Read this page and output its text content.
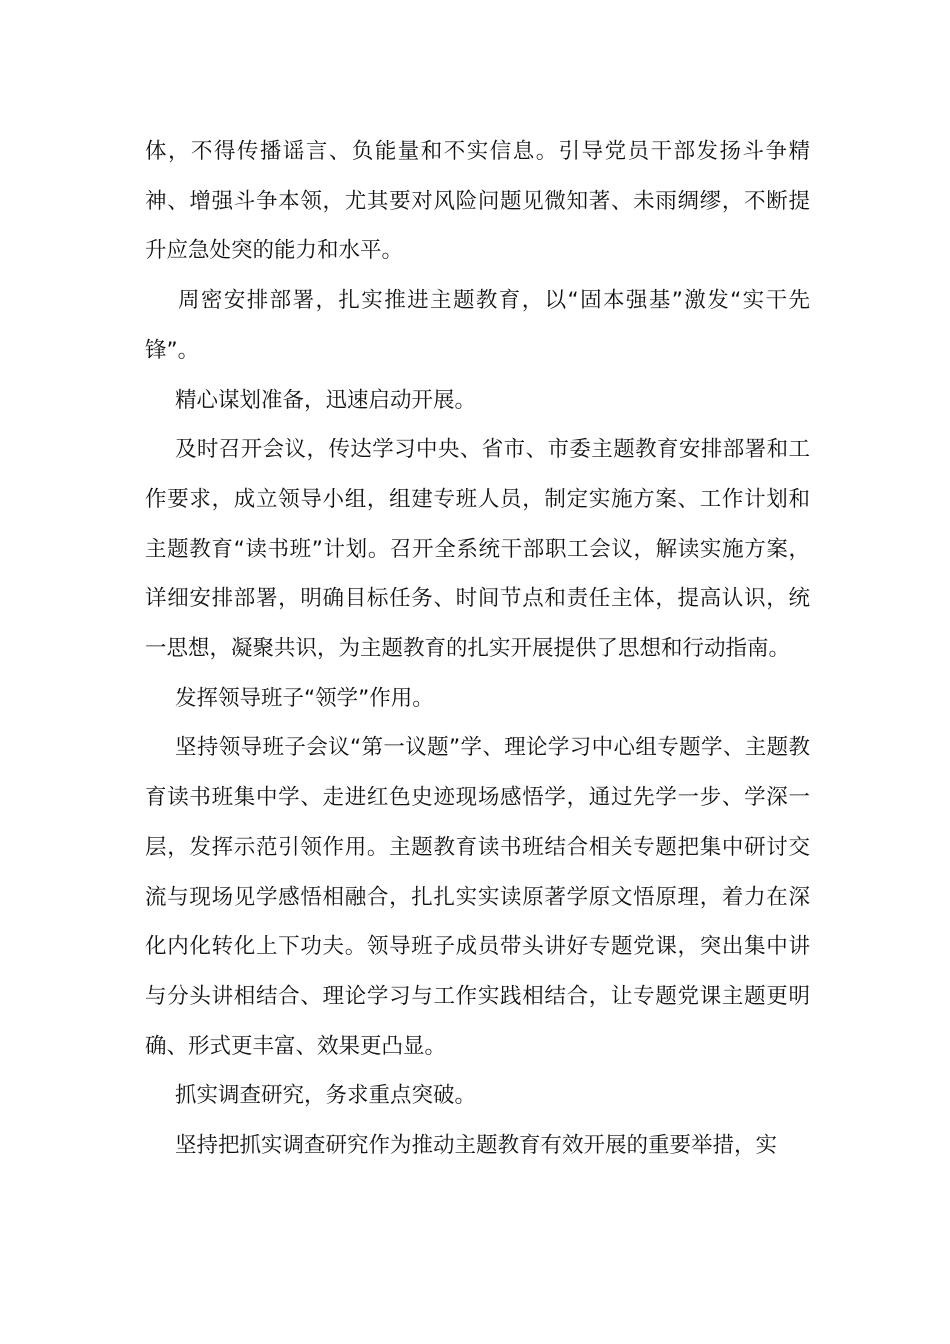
体，不得传播谣言、负能量和不实信息。引导党员干部发扬斗争精神、增强斗争本领，尤其要对风险问题见微知著、未雨绸缪，不断提升应急处突的能力和水平。

周密安排部署，扎实推进主题教育，以“固本强基”激发“实干先锋”。

精心谋划准备，迅速启动开展。

及时召开会议，传达学习中央、省市、市委主题教育安排部署和工作要求，成立领导小组，组建专班人员，制定实施方案、工作计划和主题教育“读书班”计划。召开全系统干部职工会议，解读实施方案，详细安排部署，明确目标任务、时间节点和责任主体，提高认识，统一思想，凝聚共识，为主题教育的扎实开展提供了思想和行动指南。

发挥领导班子“领学”作用。

坚持领导班子会议“第一议题”学、理论学习中心组专题学、主题教育读书班集中学、走进红色史迹现场感悟学，通过先学一步、学深一层，发挥示范引领作用。主题教育读书班结合相关专题把集中研讨交流与现场见学感悟相融合，扎扎实实读原著学原文悟原理，着力在深化内化转化上下功夫。领导班子成员带头讲好专题党课，突出集中讲与分头讲相结合、理论学习与工作实践相结合，让专题党课主题更明确、形式更丰富、效果更凸显。

抓实调查研究，务求重点突破。

坚持把抓实调查研究作为推动主题教育有效开展的重要举措，实
